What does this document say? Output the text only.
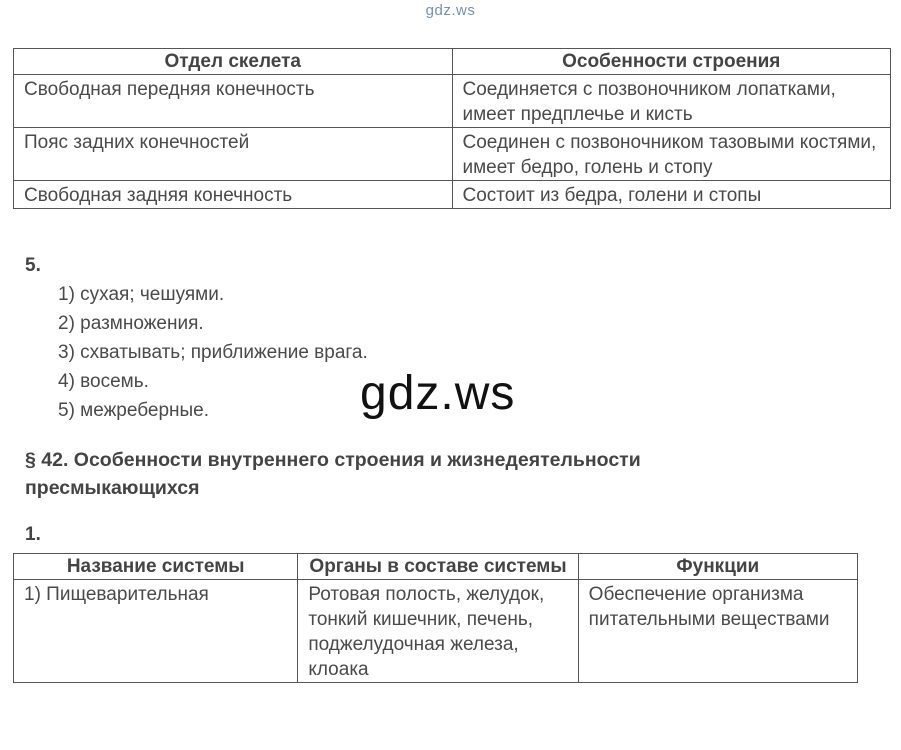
gdz.ws
Отдел скелета	Особенности строения
Свободная передняя конечность	Соединяется с позвоночником лопатками, имеет предплечье и кисть
Пояс задних конечностей	Соединен с позвоночником тазовыми костями, имеет бедро, голень и стопу
Свободная задняя конечность	Состоит из бедра, голени и стопы
5.
1) сухая; чешуями.
2) размножения.
3) схватывать; приближение врага.
4) восемь.
5) межреберные.	gdz.ws
§ 42. Особенности внутреннего строения и жизнедеятельности пресмыкающихся
1.
Название системы	Органы в составе системы	Функции
1) Пищеварительная	Ротовая полость, желудок, тонкий кишечник, печень, поджелудочная железа, клоака	Обеспечение организма питательными веществами
